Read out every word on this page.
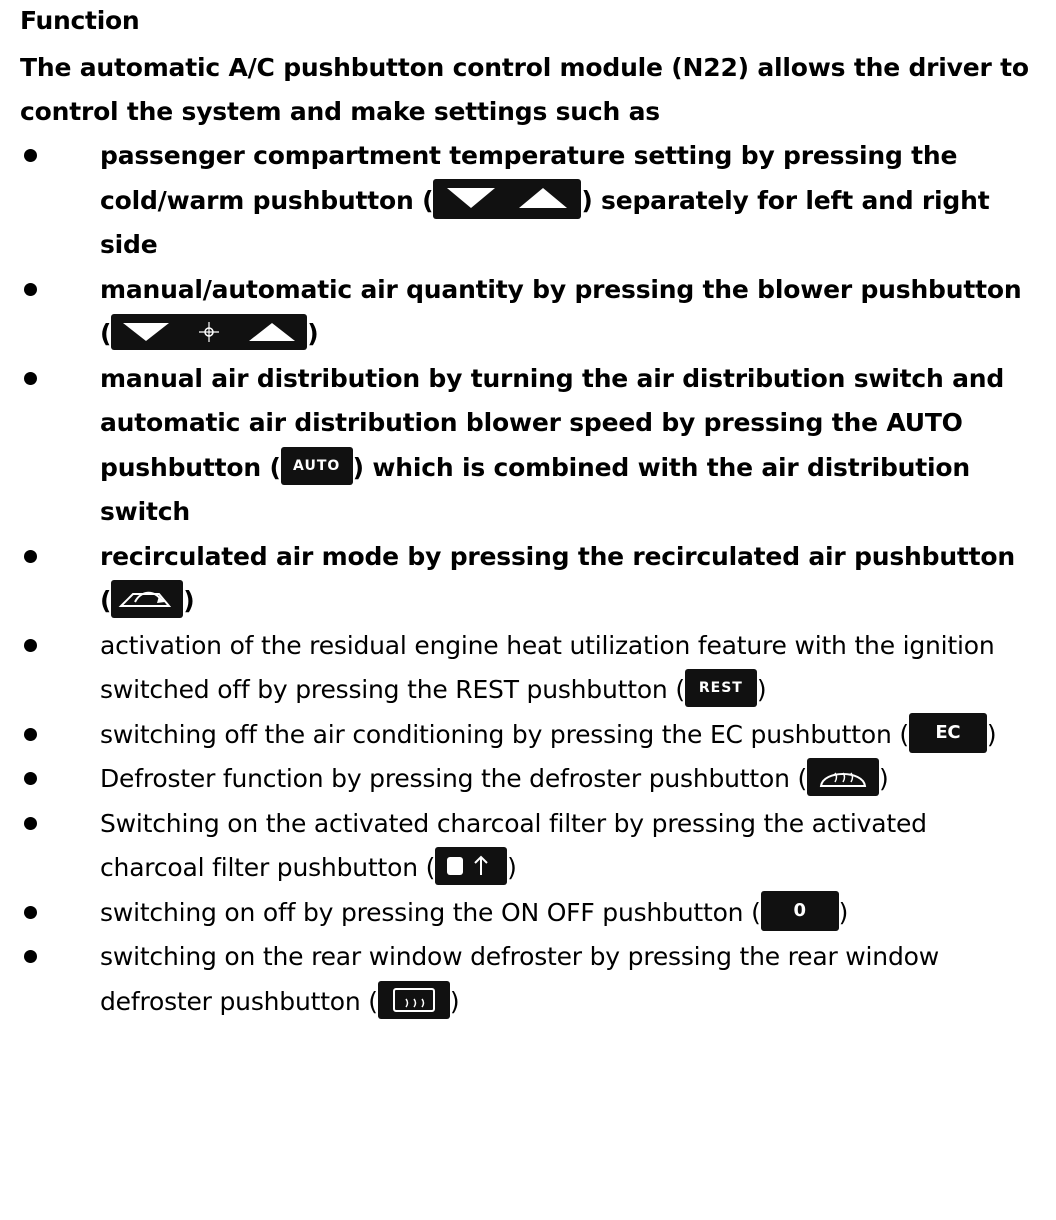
Function

The automatic A/C pushbutton control module (N22) allows the driver to control the system and make settings such as

passenger compartment temperature setting by pressing the cold/warm pushbutton (	) separately for left and right side
manual/automatic air quantity by pressing the blower pushbutton (	)
manual air distribution by turning the air distribution switch and automatic air distribution blower speed by pressing the AUTO pushbutton ( AUTO ) which is combined with the air distribution switch
recirculated air mode by pressing the recirculated air pushbutton (	)
activation of the residual engine heat utilization feature with the ignition switched off by pressing the REST pushbutton ( REST )
switching off the air conditioning by pressing the EC pushbutton ( EC )
Defroster function by pressing the defroster pushbutton (	)
Switching on the activated charcoal filter by pressing the activated charcoal filter pushbutton (	)
switching on off by pressing the ON OFF pushbutton ( 0 )
switching on the rear window defroster by pressing the rear window defroster pushbutton (	)
